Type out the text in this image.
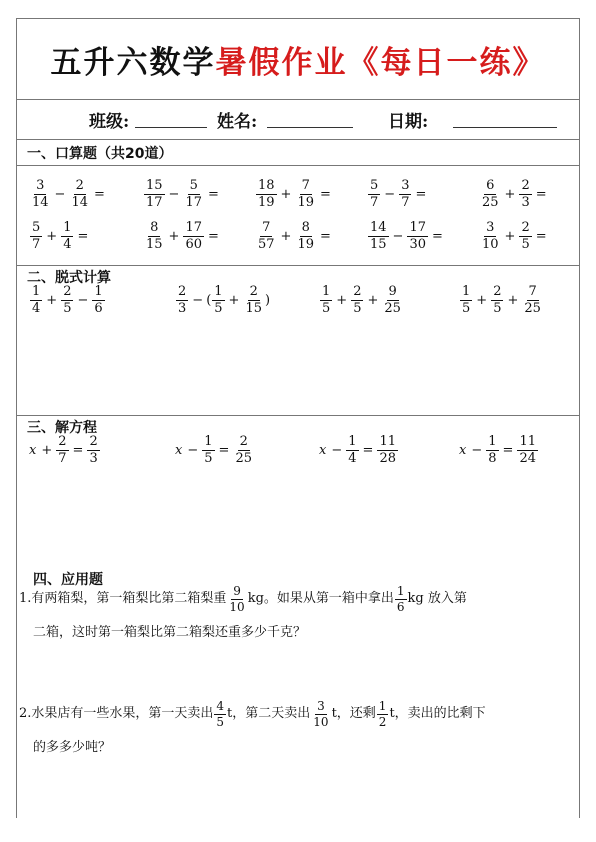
五升六数学 暑假作业《每日一练》
班级:	姓名:	日期:
一、口算题（共20道）
$\frac{3}{14} - \frac{2}{14}$ =	$\frac{15}{17} - \frac{5}{17}$ =	$\frac{18}{19} + \frac{7}{19}$ =	$\frac{5}{7} - \frac{3}{7}$ =	$\frac{6}{25} + \frac{2}{3}$ =
$\frac{5}{7} + \frac{1}{4}$ =	$\frac{8}{15} + \frac{17}{60}$ =	$\frac{7}{57} + \frac{8}{19}$ =	$\frac{14}{15} - \frac{17}{30}$ =	$\frac{3}{10} + \frac{2}{5}$ =
二、脱式计算
$\frac{1}{4} + \frac{2}{5} - \frac{1}{6}$	$\frac{2}{3}$ − ( $\frac{1}{5} + \frac{2}{15}$ )	$\frac{1}{5} + \frac{2}{5} + \frac{9}{25}$	$\frac{1}{5} + \frac{2}{5} + \frac{7}{25}$
三、解方程
$x + \frac{2}{7} = \frac{2}{3}$	$x - \frac{1}{5} = \frac{2}{25}$	$x - \frac{1}{4} = \frac{11}{28}$	$x - \frac{1}{8} = \frac{11}{24}$
四、应用题
1.有两箱梨，第一箱梨比第二箱梨重 $\frac{9}{10}$ kg。如果从第一箱中拿出 $\frac{1}{6}$ kg 放入第
二箱，这时第一箱梨比第二箱梨还重多少千克？
2.水果店有一些水果，第一天卖出 $\frac{4}{5}$ t，第二天卖出 $\frac{3}{10}$ t，还剩 $\frac{1}{2}$ t，卖出的比剩下
的多多少吨？
